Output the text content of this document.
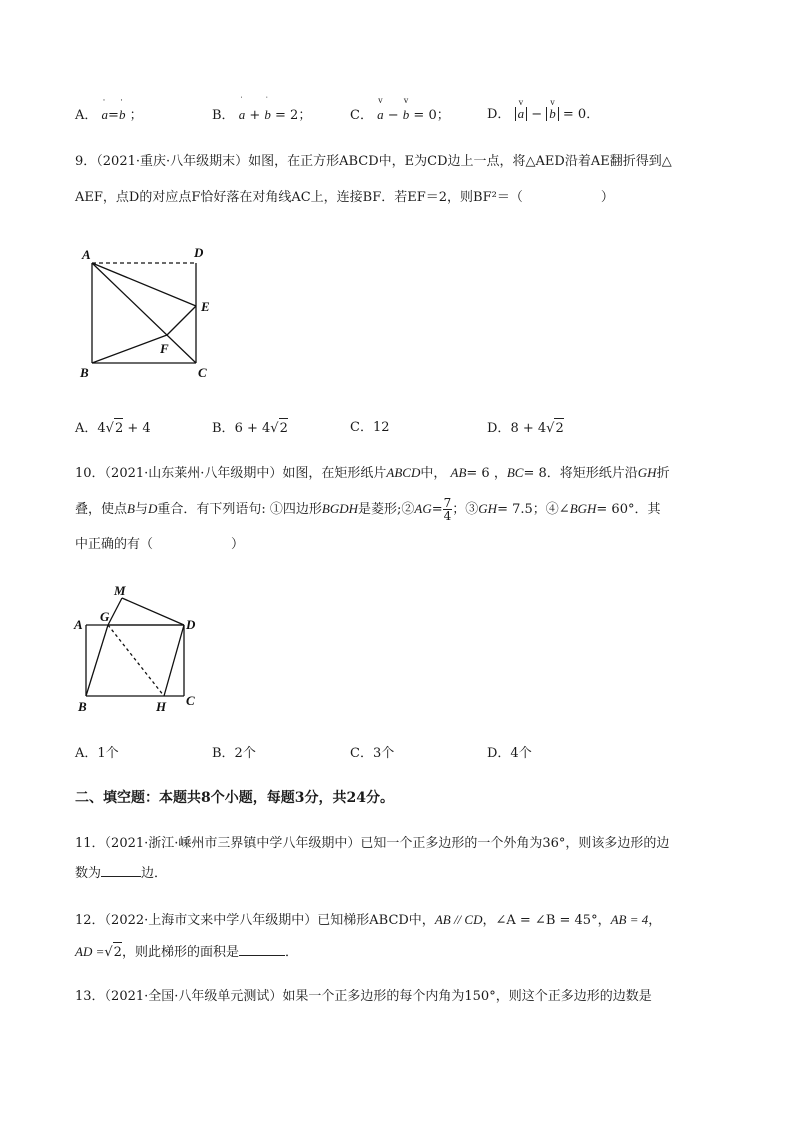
A．
·
a=
·
b ；	B．
ˈ
a +
ˈ
b = 2；	C．
v
a −
v
b = 0；	D．
v
a −
v
b = 0．
9．（2021·重庆·八年级期末）如图，在正方形ABCD中，E为CD边上一点，将△AED沿着AE翻折得到△
AEF，点D的对应点F恰好落在对角线AC上，连接BF．若EF＝2，则BF²＝（　　　　　　）
A	D
E
F
B	C
A．4√2 + 4	B．6 + 4√2	C．12	D．8 + 4√2
10．（2021·山东莱州·八年级期中）如图，在矩形纸片ABCD中， AB= 6 ，BC= 8．将矩形纸片沿GH折
叠，使点B与D重合．有下列语句: ①四边形BGDH是菱形;②AG= $\frac{7}{4}$ ；③GH= 7.5；④∠BGH= 60°．其
中正确的有（　　　　　　）
M
A
G
D
B	H C
A．1个	B．2个	C．3个	D．4个
二、填空题：本题共8个小题，每题3分，共24分。
11．（2021·浙江·嵊州市三界镇中学八年级期中）已知一个正多边形的一个外角为36°，则该多边形的边
数为	边．
12．（2022·上海市文来中学八年级期中）已知梯形ABCD中，AB // CD，∠A = ∠B = 45°，AB = 4，
AD =√2，则此梯形的面积是	．
13．（2021·全国·八年级单元测试）如果一个正多边形的每个内角为150°，则这个正多边形的边数是
